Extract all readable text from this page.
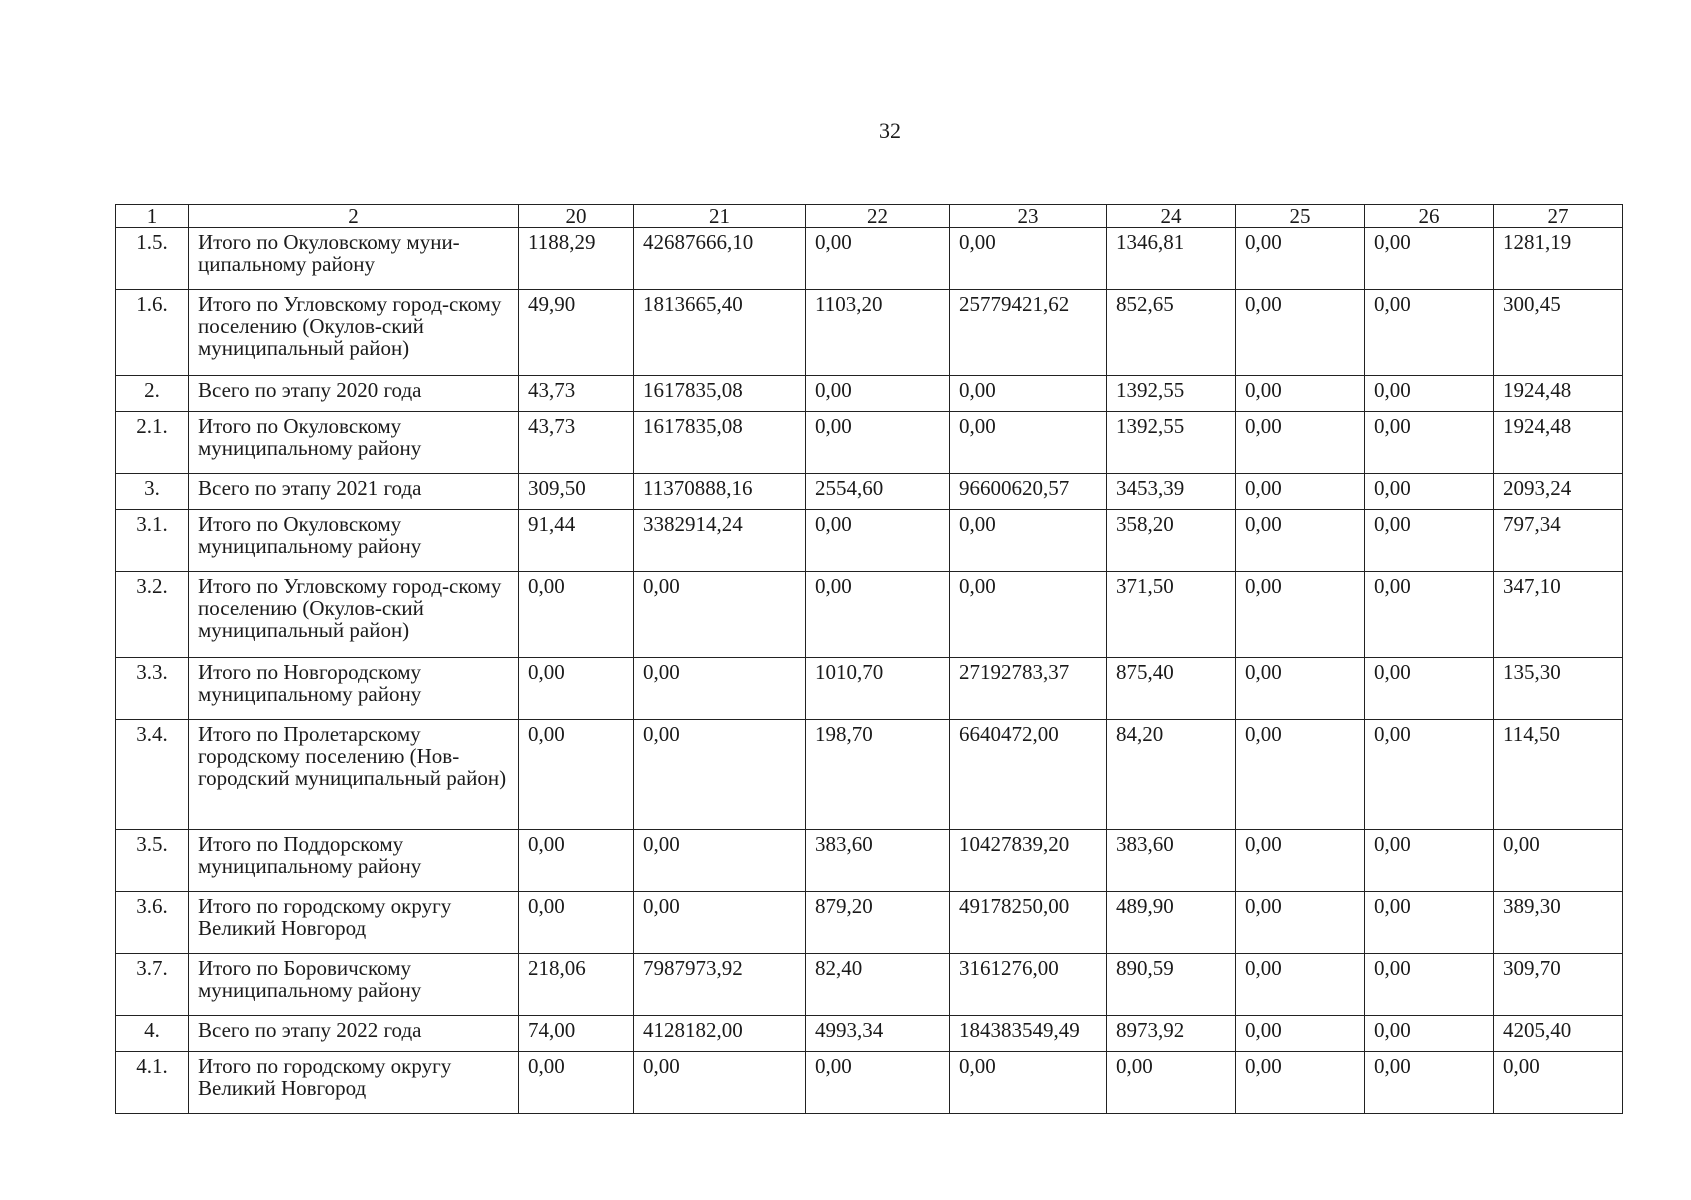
32
1	2	20	21	22	23	24	25	26	27
1.5.	Итого по Окуловскому муни-ципальному району	1188,29	42687666,10	0,00	0,00	1346,81	0,00	0,00	1281,19
1.6.	Итого по Угловскому город-скому поселению (Окулов-ский муниципальный район)	49,90	1813665,40	1103,20	25779421,62	852,65	0,00	0,00	300,45
2.	Всего по этапу 2020 года	43,73	1617835,08	0,00	0,00	1392,55	0,00	0,00	1924,48
2.1.	Итого по Окуловскому муниципальному району	43,73	1617835,08	0,00	0,00	1392,55	0,00	0,00	1924,48
3.	Всего по этапу 2021 года	309,50	11370888,16	2554,60	96600620,57	3453,39	0,00	0,00	2093,24
3.1.	Итого по Окуловскому муниципальному району	91,44	3382914,24	0,00	0,00	358,20	0,00	0,00	797,34
3.2.	Итого по Угловскому город-скому поселению (Окулов-ский муниципальный район)	0,00	0,00	0,00	0,00	371,50	0,00	0,00	347,10
3.3.	Итого по Новгородскому муниципальному району	0,00	0,00	1010,70	27192783,37	875,40	0,00	0,00	135,30
3.4.	Итого по Пролетарскому городскому поселению (Нов-городский муниципальный район)	0,00	0,00	198,70	6640472,00	84,20	0,00	0,00	114,50
3.5.	Итого по Поддорскому муниципальному району	0,00	0,00	383,60	10427839,20	383,60	0,00	0,00	0,00
3.6.	Итого по городскому округу Великий Новгород	0,00	0,00	879,20	49178250,00	489,90	0,00	0,00	389,30
3.7.	Итого по Боровичскому муниципальному району	218,06	7987973,92	82,40	3161276,00	890,59	0,00	0,00	309,70
4.	Всего по этапу 2022 года	74,00	4128182,00	4993,34	184383549,49	8973,92	0,00	0,00	4205,40
4.1.	Итого по городскому округу Великий Новгород	0,00	0,00	0,00	0,00	0,00	0,00	0,00	0,00
